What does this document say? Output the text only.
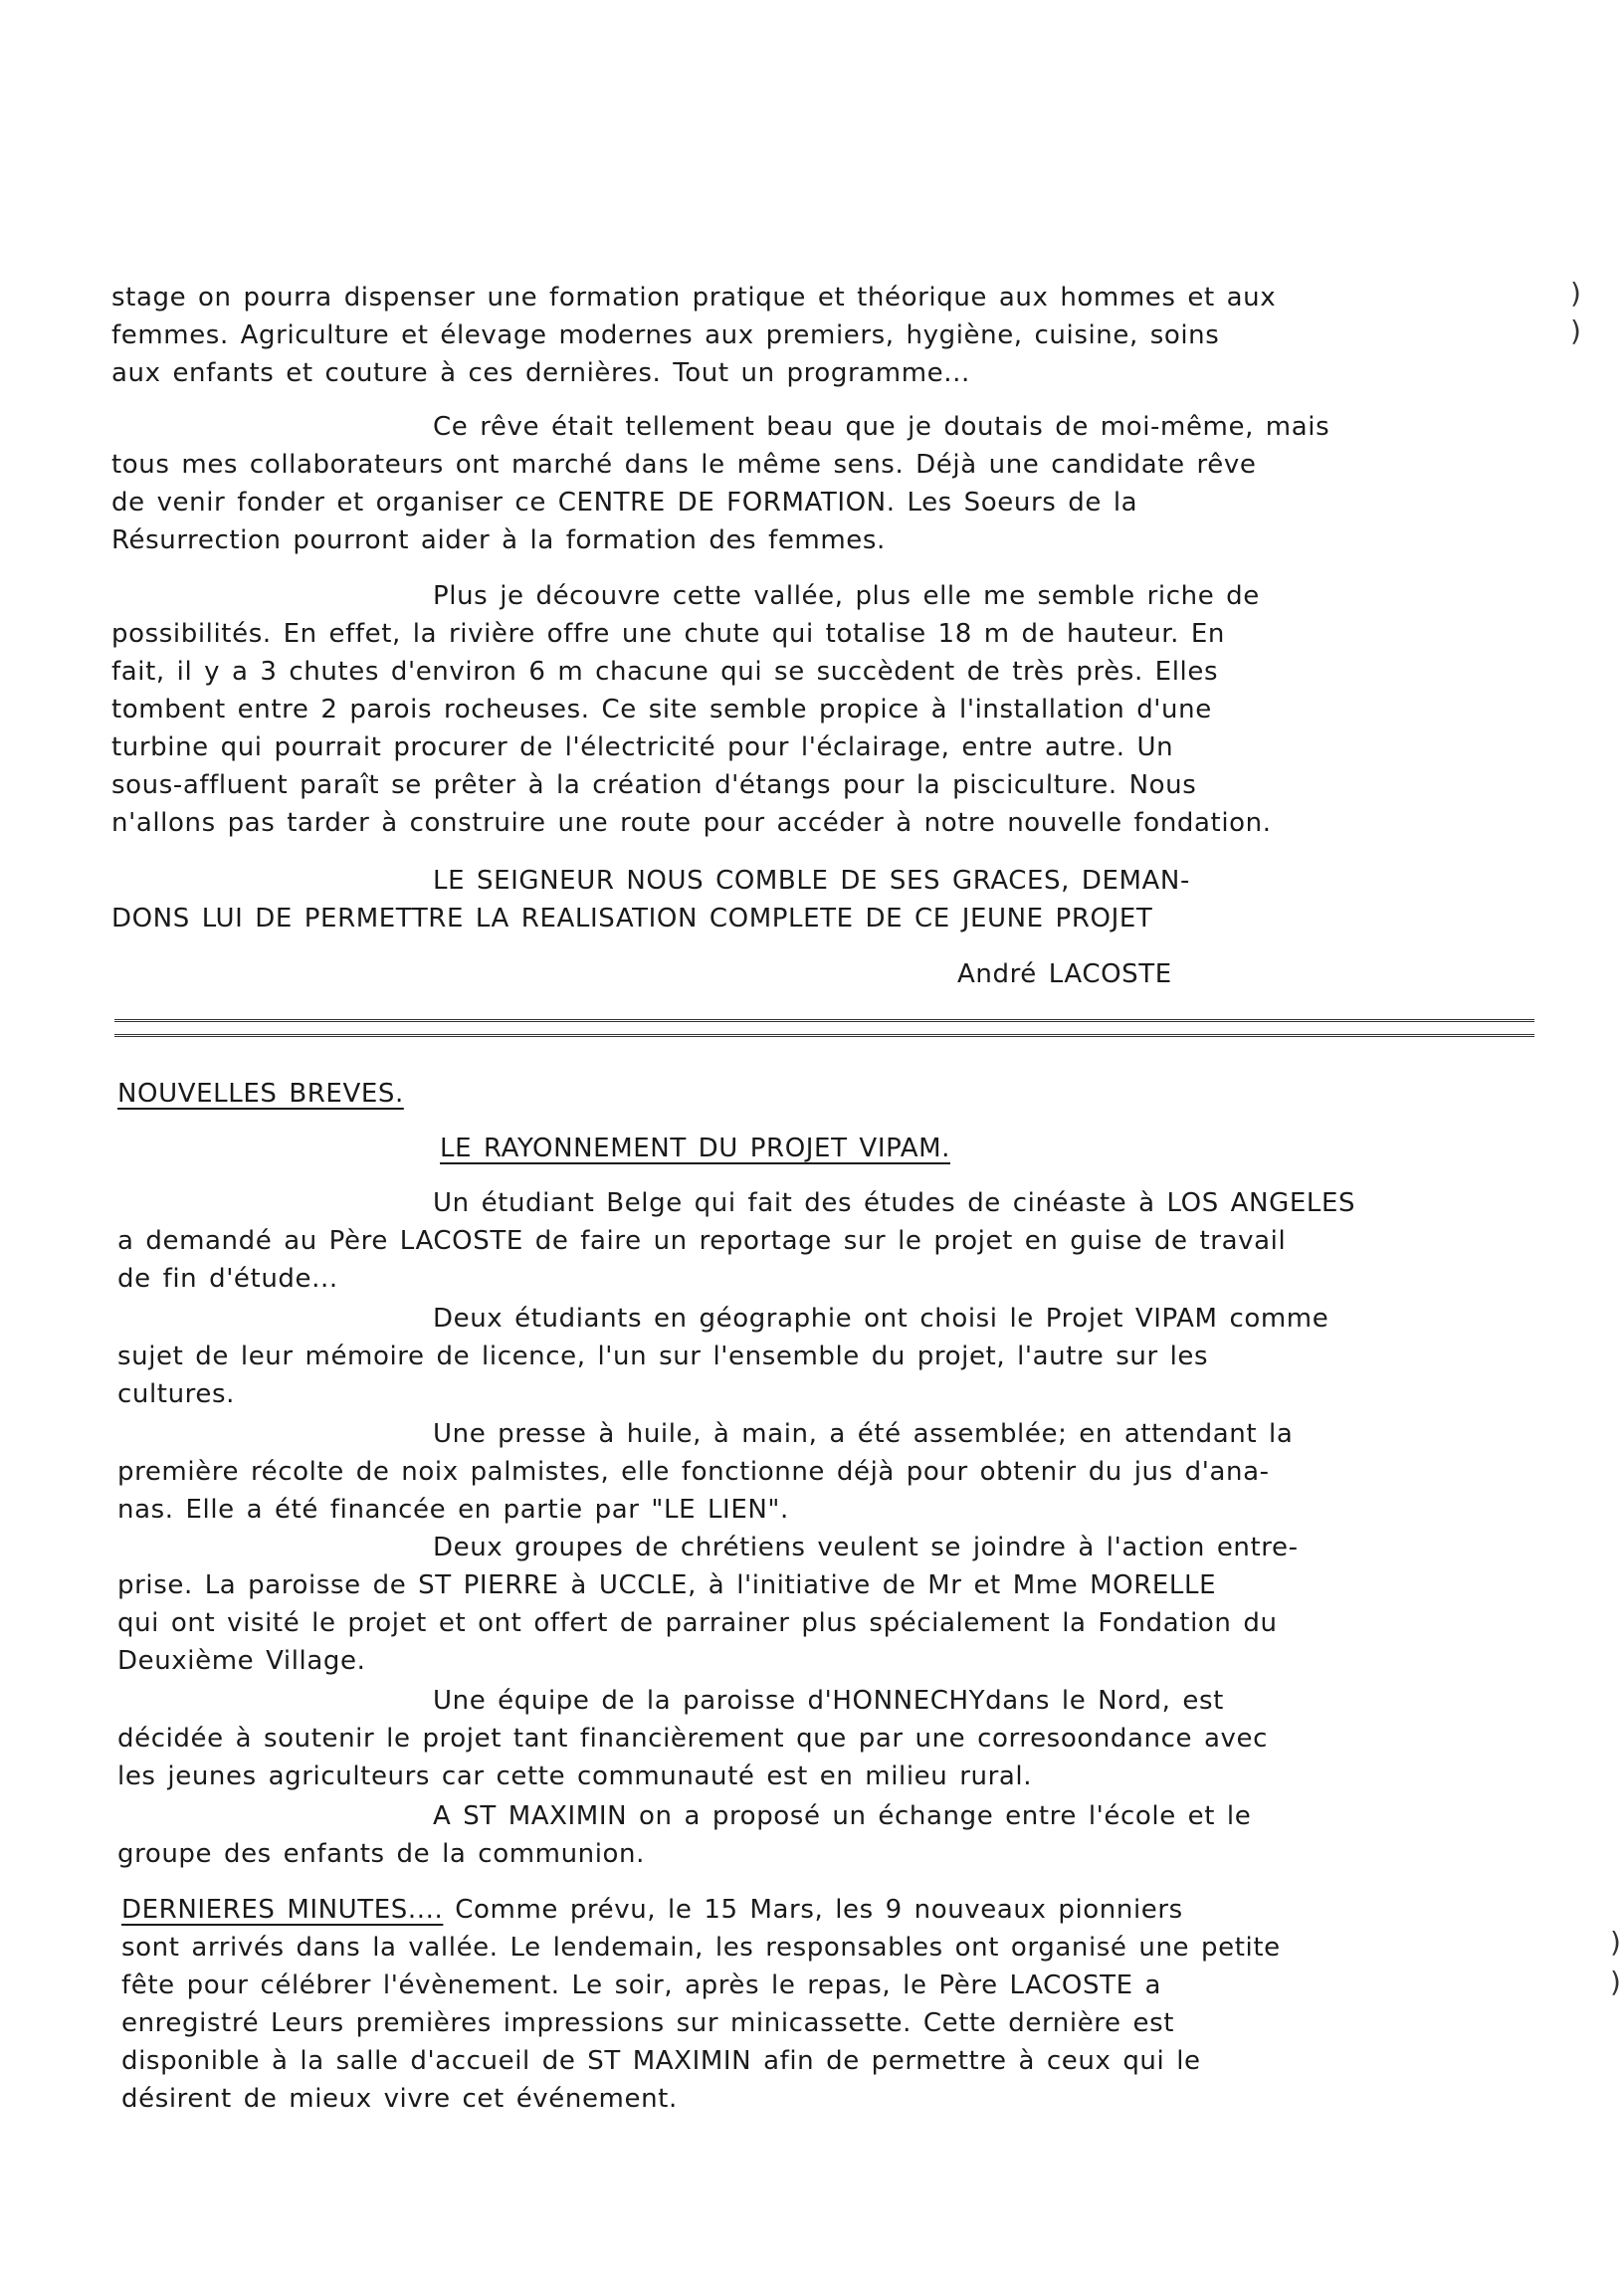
stage on pourra dispenser une formation pratique et théorique aux hommes et aux
femmes. Agriculture et élevage modernes aux premiers, hygiène, cuisine, soins
aux enfants et couture à ces dernières. Tout un programme...
Ce rêve était tellement beau que je doutais de moi-même, mais
tous mes collaborateurs ont marché dans le même sens. Déjà une candidate rêve
de venir fonder et organiser ce CENTRE DE FORMATION. Les Soeurs de la
Résurrection pourront aider à la formation des femmes.
Plus je découvre cette vallée, plus elle me semble riche de
possibilités. En effet, la rivière offre une chute qui totalise 18 m de hauteur. En
fait, il y a 3 chutes d'environ 6 m chacune qui se succèdent de très près. Elles
tombent entre 2 parois rocheuses. Ce site semble propice à l'installation d'une
turbine qui pourrait procurer de l'électricité pour l'éclairage, entre autre. Un
sous-affluent paraît se prêter à la création d'étangs pour la pisciculture. Nous
n'allons pas tarder à construire une route pour accéder à notre nouvelle fondation.
LE SEIGNEUR NOUS COMBLE DE SES GRACES, DEMAN-
DONS LUI DE PERMETTRE LA REALISATION COMPLETE DE CE JEUNE PROJET
André LACOSTE
NOUVELLES BREVES.
LE RAYONNEMENT DU PROJET VIPAM.
Un étudiant Belge qui fait des études de cinéaste à LOS ANGELES
a demandé au Père LACOSTE de faire un reportage sur le projet en guise de travail
de fin d'étude...
Deux étudiants en géographie ont choisi le Projet VIPAM comme
sujet de leur mémoire de licence, l'un sur l'ensemble du projet, l'autre sur les
cultures.
Une presse à huile, à main, a été assemblée; en attendant la
première récolte de noix palmistes, elle fonctionne déjà pour obtenir du jus d'ana-
nas. Elle a été financée en partie par "LE LIEN".
Deux groupes de chrétiens veulent se joindre à l'action entre-
prise. La paroisse de ST PIERRE à UCCLE, à l'initiative de Mr et Mme MORELLE
qui ont visité le projet et ont offert de parrainer plus spécialement la Fondation du
Deuxième Village.
Une équipe de la paroisse d'HONNECHYdans le Nord, est
décidée à soutenir le projet tant financièrement que par une corresoondance avec
les jeunes agriculteurs car cette communauté est en milieu rural.
A ST MAXIMIN on a proposé un échange entre l'école et le
groupe des enfants de la communion.
DERNIERES MINUTES.... Comme prévu, le 15 Mars, les 9 nouveaux pionniers
sont arrivés dans la vallée. Le lendemain, les responsables ont organisé une petite
fête pour célébrer l'évènement. Le soir, après le repas, le Père LACOSTE a
enregistré Leurs premières impressions sur minicassette. Cette dernière est
disponible à la salle d'accueil de ST MAXIMIN afin de permettre à ceux qui le
désirent de mieux vivre cet événement.
)
)
)
)
